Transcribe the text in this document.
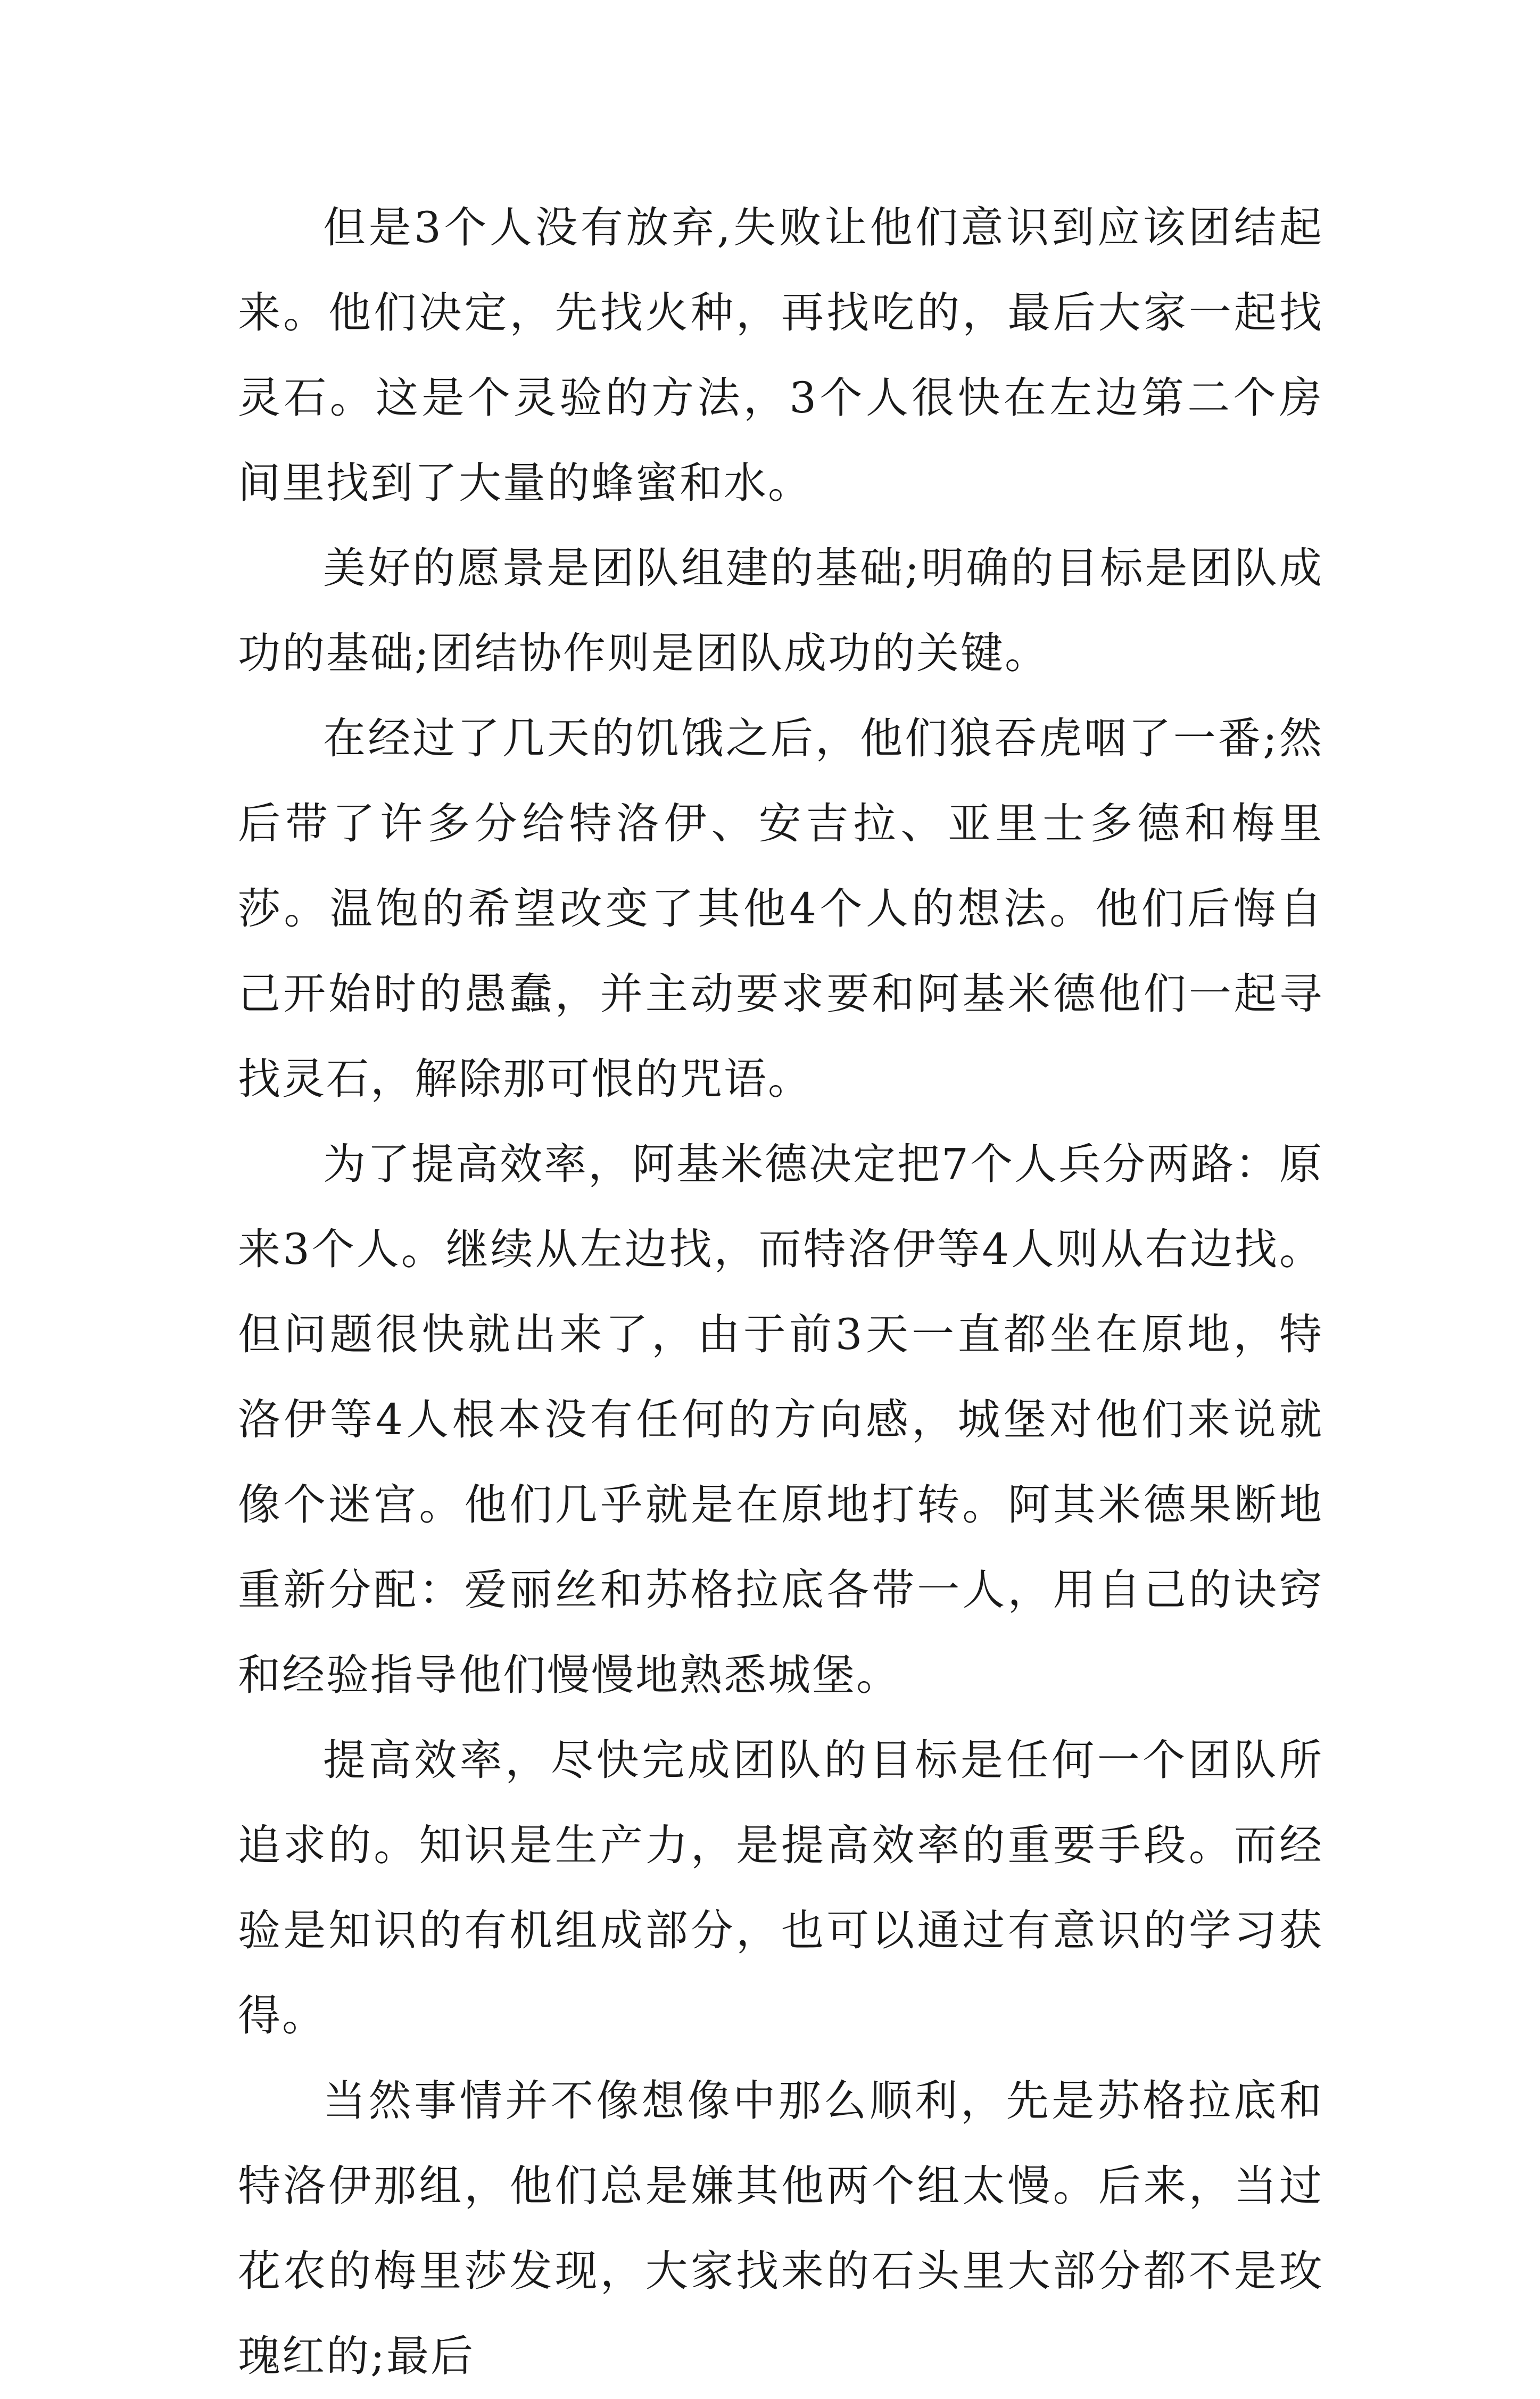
但是3个人没有放弃,失败让他们意识到应该团结起来。他们决定，先找火种，再找吃的，最后大家一起找灵石。这是个灵验的方法，3个人很快在左边第二个房间里找到了大量的蜂蜜和水。

美好的愿景是团队组建的基础;明确的目标是团队成功的基础;团结协作则是团队成功的关键。

在经过了几天的饥饿之后，他们狼吞虎咽了一番;然后带了许多分给特洛伊、安吉拉、亚里士多德和梅里莎。温饱的希望改变了其他4个人的想法。他们后悔自己开始时的愚蠢，并主动要求要和阿基米德他们一起寻找灵石，解除那可恨的咒语。

为了提高效率，阿基米德决定把7个人兵分两路：原来3个人。继续从左边找，而特洛伊等4人则从右边找。但问题很快就出来了，由于前3天一直都坐在原地，特洛伊等4人根本没有任何的方向感，城堡对他们来说就像个迷宫。他们几乎就是在原地打转。阿其米德果断地重新分配：爱丽丝和苏格拉底各带一人，用自己的诀窍和经验指导他们慢慢地熟悉城堡。

提高效率，尽快完成团队的目标是任何一个团队所追求的。知识是生产力，是提高效率的重要手段。而经验是知识的有机组成部分，也可以通过有意识的学习获得。

当然事情并不像想像中那么顺利，先是苏格拉底和特洛伊那组，他们总是嫌其他两个组太慢。后来，当过花农的梅里莎发现，大家找来的石头里大部分都不是玫瑰红的;最后
